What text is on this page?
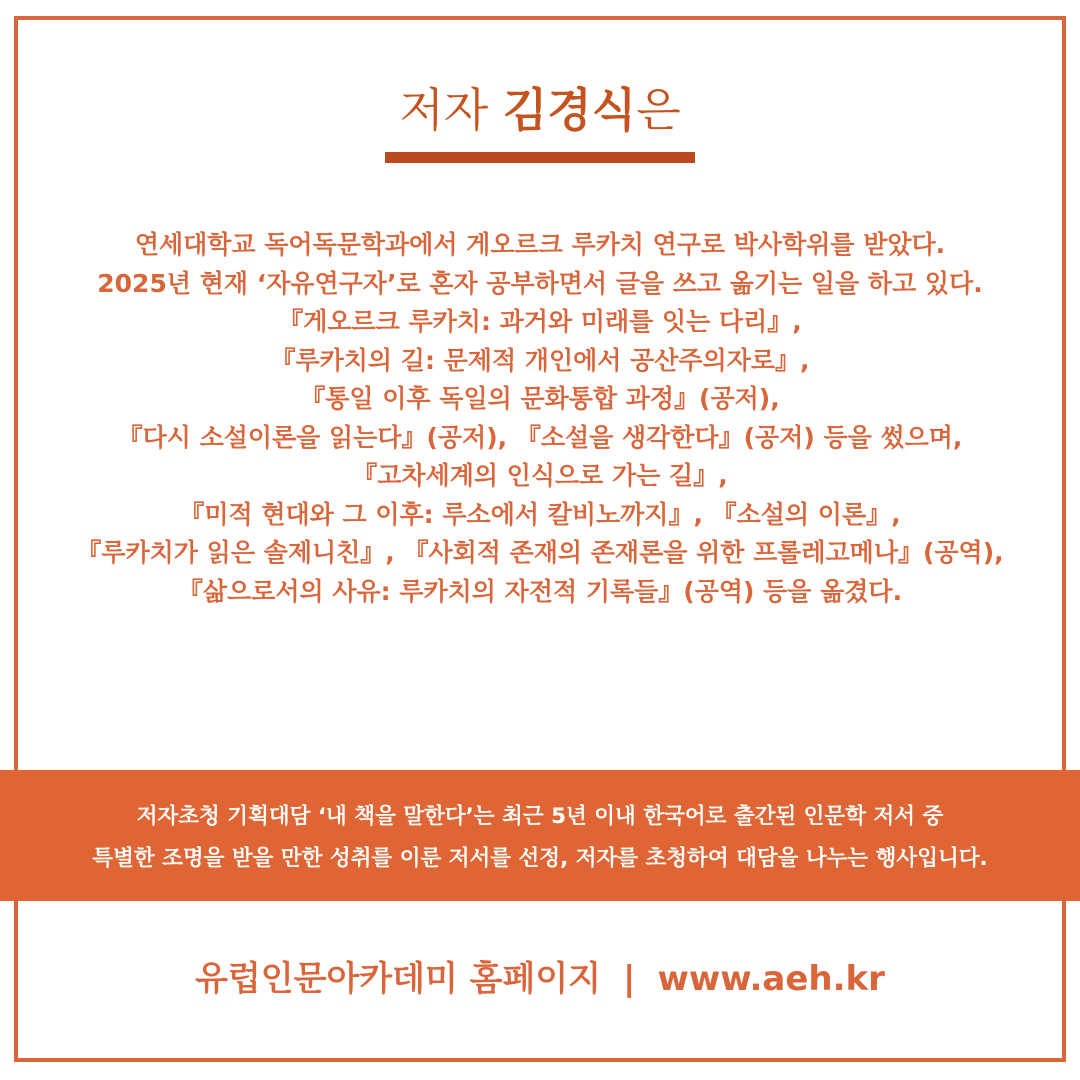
저자 김경식은
연세대학교 독어독문학과에서 게오르크 루카치 연구로 박사학위를 받았다.
2025년 현재 ‘자유연구자’로 혼자 공부하면서 글을 쓰고 옮기는 일을 하고 있다.
『게오르크 루카치: 과거와 미래를 잇는 다리』,
『루카치의 길: 문제적 개인에서 공산주의자로』,
『통일 이후 독일의 문화통합 과정』(공저),
『다시 소설이론을 읽는다』(공저), 『소설을 생각한다』(공저) 등을 썼으며,
『고차세계의 인식으로 가는 길』,
『미적 현대와 그 이후: 루소에서 칼비노까지』, 『소설의 이론』,
『루카치가 읽은 솔제니친』, 『사회적 존재의 존재론을 위한 프롤레고메나』(공역),
『삶으로서의 사유: 루카치의 자전적 기록들』(공역) 등을 옮겼다.
저자초청 기획대담 ‘내 책을 말한다’는 최근 5년 이내 한국어로 출간된 인문학 저서 중
특별한 조명을 받을 만한 성취를 이룬 저서를 선정, 저자를 초청하여 대담을 나누는 행사입니다.
유럽인문아카데미 홈페이지 | www.aeh.kr
